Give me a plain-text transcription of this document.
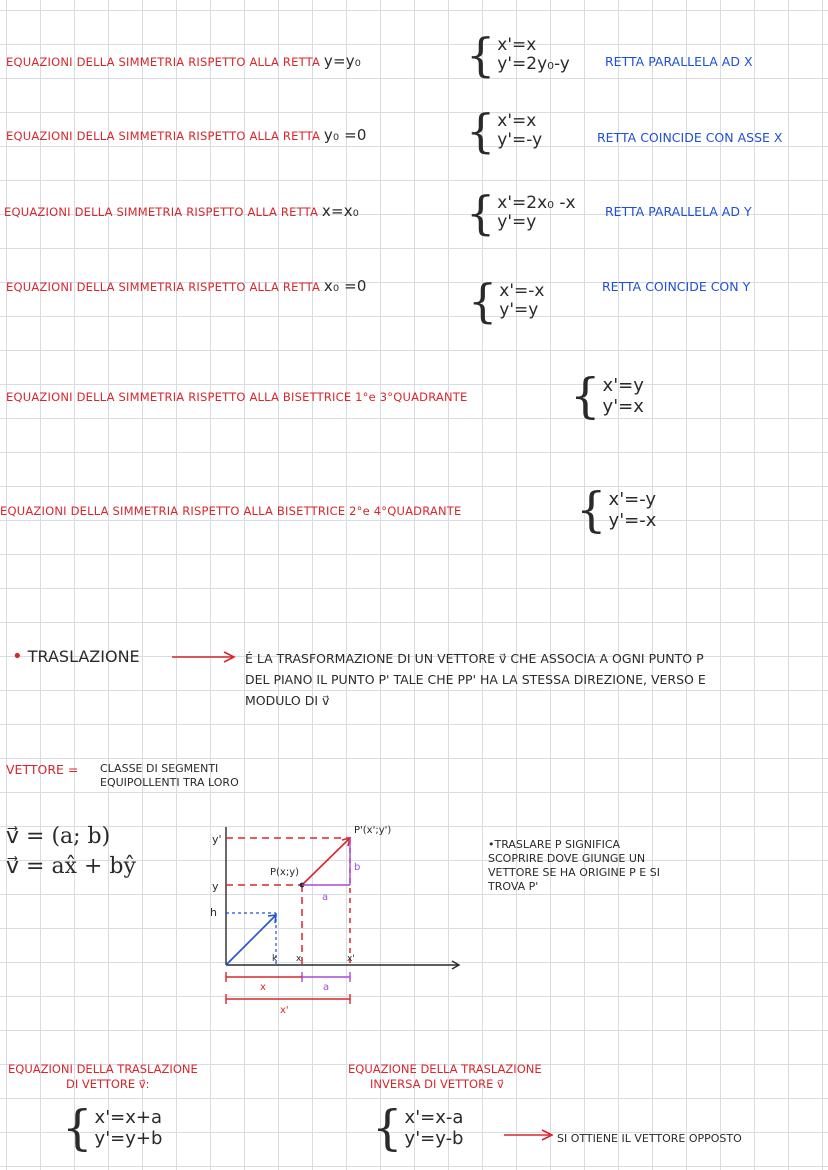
EQUAZIONI DELLA SIMMETRIA RISPETTO ALLA RETTA y=y₀ { x'=x
y'=2y₀-y	RETTA PARALLELA AD X
EQUAZIONI DELLA SIMMETRIA RISPETTO ALLA RETTA y₀ =0 { x'=x
y'=-y	RETTA COINCIDE CON ASSE X
EQUAZIONI DELLA SIMMETRIA RISPETTO ALLA RETTA x=x₀ { x'=2x₀ -x
y'=y
RETTA PARALLELA AD Y
EQUAZIONI DELLA SIMMETRIA RISPETTO ALLA RETTA x₀ =0 { x'=-x
y'=y
RETTA COINCIDE CON Y
EQUAZIONI DELLA SIMMETRIA RISPETTO ALLA BISETTRICE 1°e 3°QUADRANTE { x'=y
y'=x
EQUAZIONI DELLA SIMMETRIA RISPETTO ALLA BISETTRICE 2°e 4°QUADRANTE { x'=-y
y'=-x
• TRASLAZIONE	É LA TRASFORMAZIONE DI UN VETTORE v⃗ CHE ASSOCIA A OGNI PUNTO P
DEL PIANO IL PUNTO P' TALE CHE PP' HA LA STESSA DIREZIONE, VERSO E
MODULO DI v⃗
VETTORE = CLASSE DI SEGMENTI
EQUIPOLLENTI TRA LORO
v⃗ = (a; b)
v⃗ = ax̂ + bŷ
y'
y
h
P(x;y)
P'(x';y')
a
b
k x	x'
x	a
x'
•TRASLARE P SIGNIFICA
SCOPRIRE DOVE GIUNGE UN
VETTORE SE HA ORIGINE P E SI
TROVA P'
EQUAZIONI DELLA TRASLAZIONE
DI VETTORE v⃗:
{ x'=x+a
y'=y+b
EQUAZIONE DELLA TRASLAZIONE
INVERSA DI VETTORE v⃗
{ x'=x-a
y'=y-b	SI OTTIENE IL VETTORE OPPOSTO
